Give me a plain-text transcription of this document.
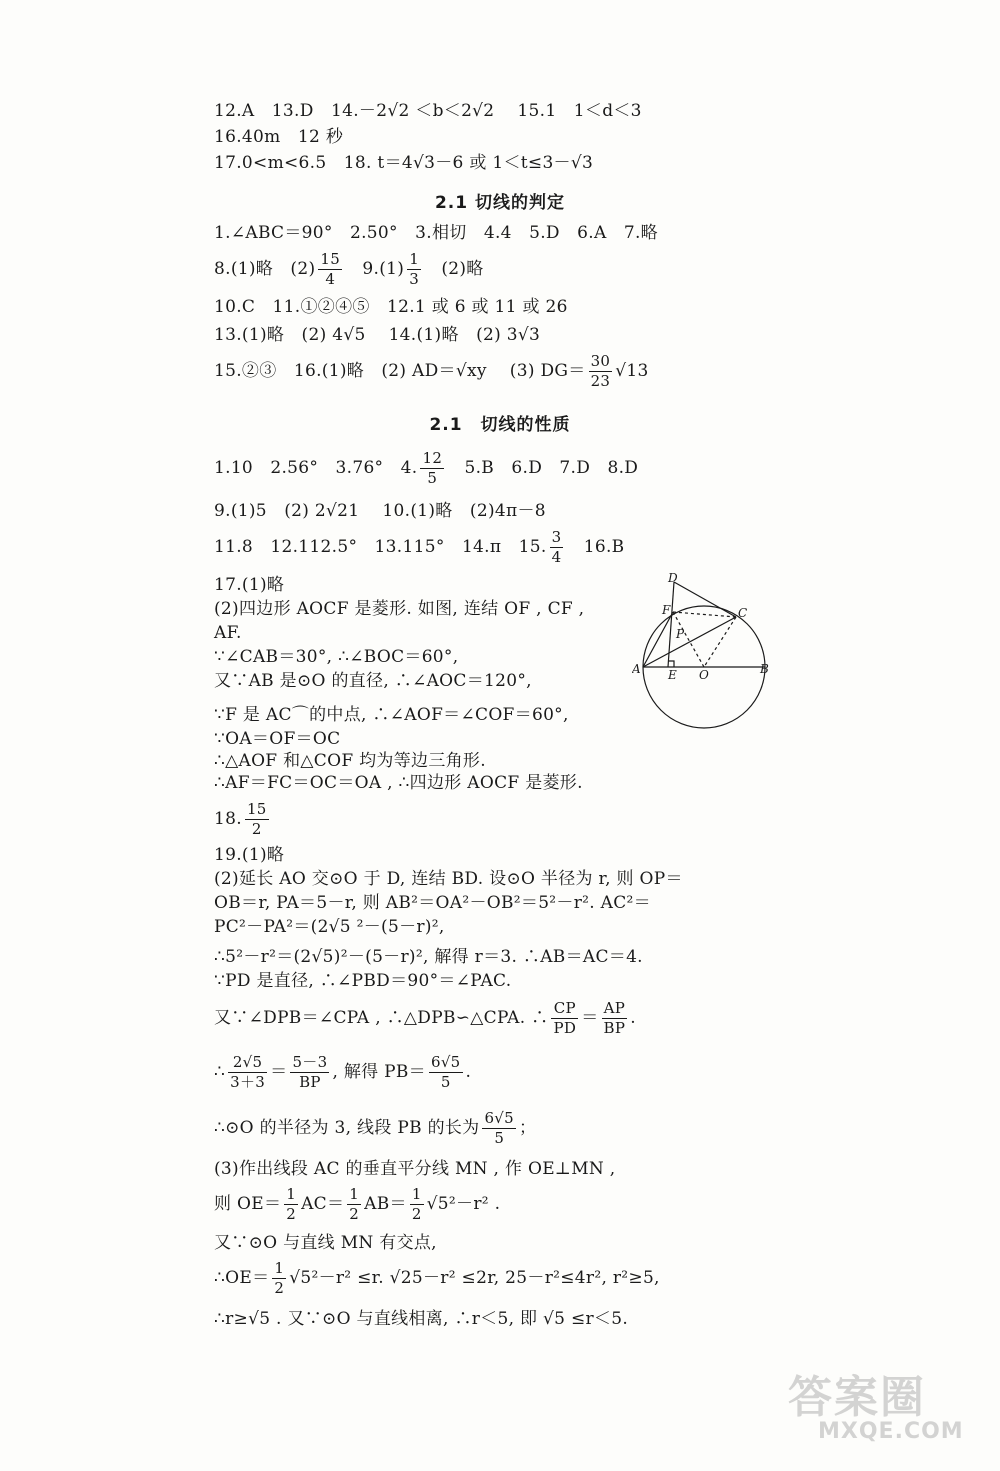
12.A　13.D　14.－2√2 ＜b＜2√2　 15.1　1＜d＜3
16.40m　12 秒
17.0<m<6.5　18. t＝4√3－6 或 1＜t≤3－√3
2.1 切线的判定
1.∠ABC＝90°　2.50°　3.相切　4.4　5.D　6.A　7.略
8.(1)略　$(2) \frac{15}{4}$ 　$9.(1) \frac{1}{3}$ 　(2)略
10.C　11.①②④⑤　12.1 或 6 或 11 或 26
13.(1)略　(2) 4√5　 14.(1)略　(2) 3√3
15.②③　16.(1)略　(2) AD＝√xy　 (3) $DG= \frac{30}{23} √13$
2.1　切线的性质
1.10　2.56°　3.76°　4. $\frac{12}{5}$ 　5.B　6.D　7.D　8.D
9.(1)5　(2) 2√21　 10.(1)略　(2)4π－8
11.8　12.112.5°　13.115°　14.π　15. $\frac{3}{4}$ 　16.B
17.(1)略
(2)四边形 AOCF 是菱形. 如图, 连结 OF , CF ,
AF.
∵∠CAB＝30°, ∴∠BOC＝60°,
又∵AB 是⊙O 的直径, ∴∠AOC＝120°,
∵F 是 AC⌒的中点, ∴∠AOF＝∠COF＝60°,
∵OA＝OF＝OC
∴△AOF 和△COF 均为等边三角形.
∴AF＝FC＝OC＝OA , ∴四边形 AOCF 是菱形.
D
F	C
P
A E O	B
18. $\frac{15}{2}$
19.(1)略
(2)延长 AO 交⊙O 于 D, 连结 BD. 设⊙O 半径为 r, 则 OP＝
OB＝r, PA＝5－r, 则 AB²＝OA²－OB²＝5²－r². AC²＝
PC²－PA²＝(2√5 ²－(5－r)²,
∴5²－r²＝(2√5)²－(5－r)², 解得 r＝3. ∴AB＝AC＝4.
∵PD 是直径, ∴∠PBD＝90°＝∠PAC.
又∵∠DPB＝∠CPA , ∴△DPB∽△CPA. ∴ $\frac{CP}{PD} = \frac{AP}{BP}$ .
∴ $\frac{2√5}{3+3} = \frac{5-3}{BP}$ , 解得 $PB= \frac{6√5}{5}$ .
∴⊙O 的半径为 3, 线段 PB 的长为 $\frac{6√5}{5}$ ；
(3)作出线段 AC 的垂直平分线 MN , 作 OE⊥MN ,
则 $OE= \frac{1}{2} AC= \frac{1}{2} AB= \frac{1}{2} √5^2-r^2$ .
又∵⊙O 与直线 MN 有交点,
∴OE＝ $\frac{1}{2} √5^2-r^2 \le r$. √25－r² ≤2r, 25－r²≤4r², r²≥5,
∴r≥√5 . 又∵⊙O 与直线相离, ∴r＜5, 即 √5 ≤r＜5.
答案圈
MXQE.COM
